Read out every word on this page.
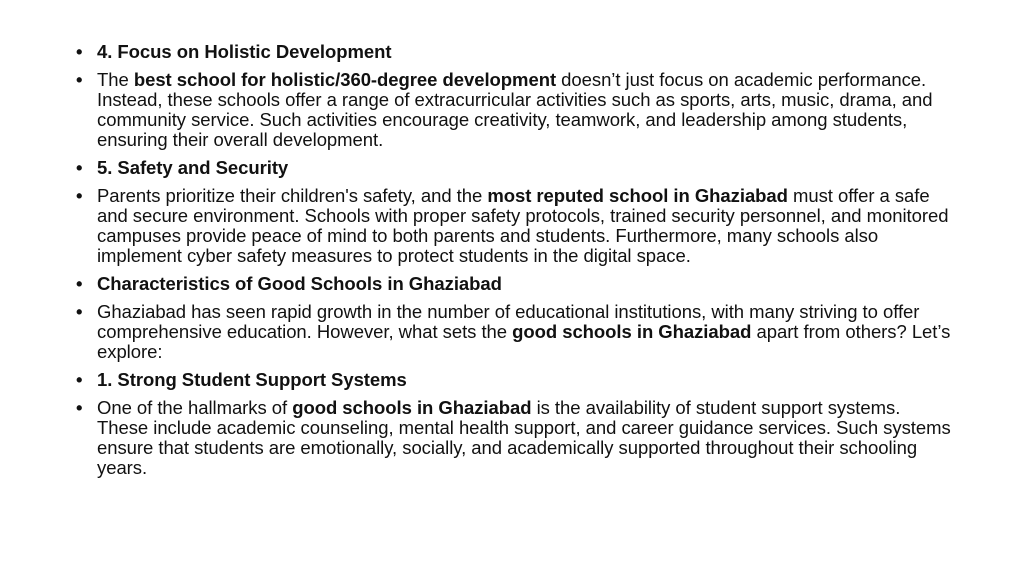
• 4. Focus on Holistic Development
• The best school for holistic/360-degree development doesn’t just focus on academic performance. Instead, these schools offer a range of extracurricular activities such as sports, arts, music, drama, and community service. Such activities encourage creativity, teamwork, and leadership among students, ensuring their overall development.
• 5. Safety and Security
• Parents prioritize their children's safety, and the most reputed school in Ghaziabad must offer a safe and secure environment. Schools with proper safety protocols, trained security personnel, and monitored campuses provide peace of mind to both parents and students. Furthermore, many schools also implement cyber safety measures to protect students in the digital space.
• Characteristics of Good Schools in Ghaziabad
• Ghaziabad has seen rapid growth in the number of educational institutions, with many striving to offer comprehensive education. However, what sets the good schools in Ghaziabad apart from others? Let’s explore:
• 1. Strong Student Support Systems
• One of the hallmarks of good schools in Ghaziabad is the availability of student support systems. These include academic counseling, mental health support, and career guidance services. Such systems ensure that students are emotionally, socially, and academically supported throughout their schooling years.
